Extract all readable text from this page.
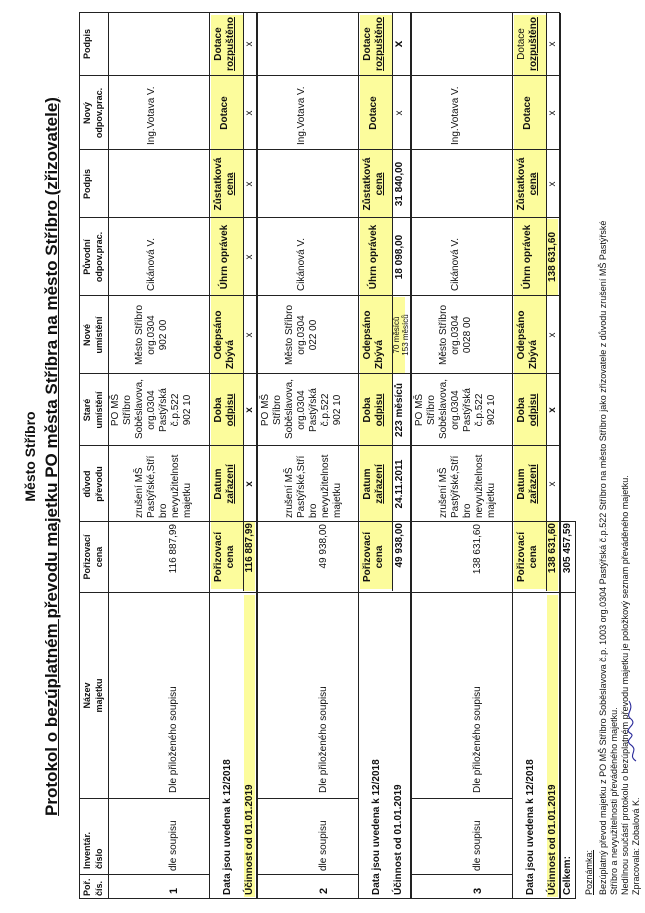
Město Stříbro Protokol o bezúplatném převodu majetku PO města Stříbra na město Stříbro (zřizovatele)
Poř. čís.
Inventár. číslo
Název majetku
Pořizovací cena
důvod převodu
Staré umístění
Nové umístění
Původní odpov.prac.
Podpis
Nový odpov.prac.
Podpis
1
dle soupisu
Dle přiloženého soupisu
116 887,99
zrušení MŠ Pastýřské,Stří bro nevyužitelnost majetku
PO MŠ Stříbro Soběslavova, org.0304 Pastýřská č.p.522 902 10
Město Stříbro org.0304 902 00
Cikánová V.
Ing.Votava V.
Data jsou uvedena k 12/2018 Účinnost od 01.01.2019
Pořizovací cena
Datum zařazení
Doba odpisu
Odepsáno Zbývá
Úhrn oprávek
Zůstatková cena
Dotace
Dotace rozpuštěno
116 887,99
x
x
x
x
x
x
x
2
dle soupisu
Dle přiloženého soupisu
49 938,00
zrušení MŠ Pastýřské,Stří bro nevyužitelnost majetku
PO MŠ Stříbro Soběslavova, org.0304 Pastýřská č.p.522 902 10
Město Stříbro org.0304 022 00
Cikánová V.
Ing.Votava V.
Data jsou uvedena k 12/2018 Účinnost od 01.01.2019
Pořizovací cena
Datum zařazení
Doba odpisu
Odepsáno Zbývá
Úhrn oprávek
Zůstatková cena
Dotace
Dotace rozpuštěno
49 938,00
24.11.2011
223 měsíců
70 měsíců 153 měsíců
18 098,00
31 840,00
x
x
3
dle soupisu
Dle přiloženého soupisu
138 631,60
zrušení MŠ Pastýřské,Stří bro nevyužitelnost majetku
PO MŠ Stříbro Soběslavova, org.0304 Pastýřská č.p.522 902 10
Město Stříbro org.0304 0028 00
Cikánová V.
Ing.Votava V.
Data jsou uvedena k 12/2018 Účinnost od 01.01.2019
Pořizovací cena
Datum zařazení
Doba odpisu
Odepsáno Zbývá
Úhrn oprávek
Zůstatková cena
Dotace
Dotace rozpuštěno
138 631,60
x
x
x
138 631,60
x
x
x
Celkem:
305 457,59
Poznámka: Bezúplatný převod majetku z PO MŠ Stříbro Soběslavova č.p. 1003 org.0304 Pastýřská č.p.522 Stříbro na město Stříbro jako zřizovatele z důvodu zrušení MŠ Pastýřské Stříbro a nevyužitelnosti převáděného majetku. Nedílnou součástí protokolu o bezúplatném převodu majetku je položkový seznam převáděného majetku. Zpracovala: Zobalová K.
